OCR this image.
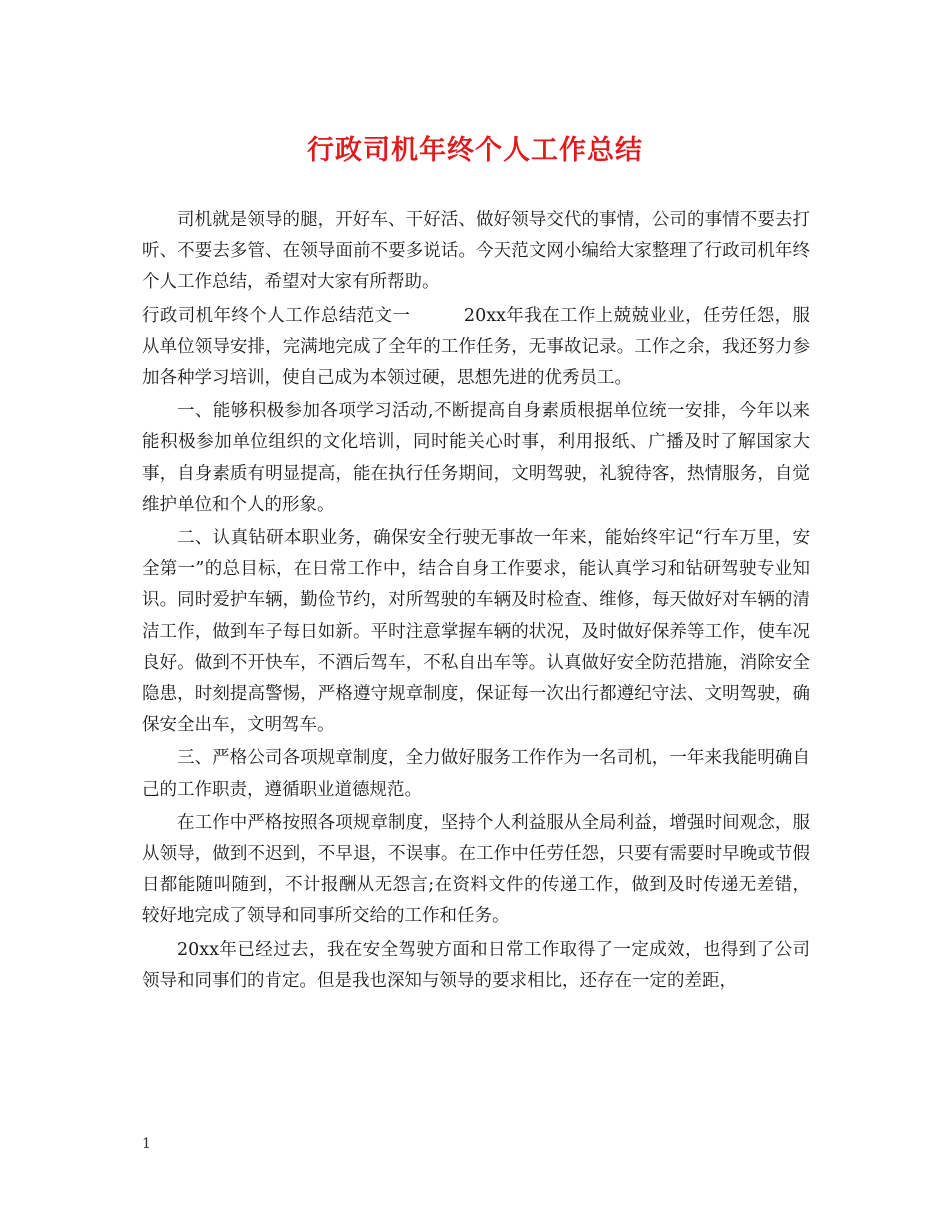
行政司机年终个人工作总结

司机就是领导的腿，开好车、干好活、做好领导交代的事情，公司的事情不要去打听、不要去多管、在领导面前不要多说话。今天范文网小编给大家整理了行政司机年终个人工作总结，希望对大家有所帮助。

行政司机年终个人工作总结范文一　　　20xx年我在工作上兢兢业业，任劳任怨，服从单位领导安排，完满地完成了全年的工作任务，无事故记录。工作之余，我还努力参加各种学习培训，使自己成为本领过硬，思想先进的优秀员工。

一、能够积极参加各项学习活动,不断提高自身素质根据单位统一安排，今年以来能积极参加单位组织的文化培训，同时能关心时事，利用报纸、广播及时了解国家大事，自身素质有明显提高，能在执行任务期间，文明驾驶，礼貌待客，热情服务，自觉维护单位和个人的形象。

二、认真钻研本职业务，确保安全行驶无事故一年来，能始终牢记“行车万里，安全第一”的总目标，在日常工作中，结合自身工作要求，能认真学习和钻研驾驶专业知识。同时爱护车辆，勤俭节约，对所驾驶的车辆及时检查、维修，每天做好对车辆的清洁工作，做到车子每日如新。平时注意掌握车辆的状况，及时做好保养等工作，使车况良好。做到不开快车，不酒后驾车，不私自出车等。认真做好安全防范措施，消除安全隐患，时刻提高警惕，严格遵守规章制度，保证每一次出行都遵纪守法、文明驾驶，确保安全出车，文明驾车。

三、严格公司各项规章制度，全力做好服务工作作为一名司机，一年来我能明确自己的工作职责，遵循职业道德规范。

在工作中严格按照各项规章制度，坚持个人利益服从全局利益，增强时间观念，服从领导，做到不迟到，不早退，不误事。在工作中任劳任怨，只要有需要时早晚或节假日都能随叫随到，不计报酬从无怨言;在资料文件的传递工作，做到及时传递无差错，较好地完成了领导和同事所交给的工作和任务。

20xx年已经过去，我在安全驾驶方面和日常工作取得了一定成效，也得到了公司领导和同事们的肯定。但是我也深知与领导的要求相比，还存在一定的差距，

1
